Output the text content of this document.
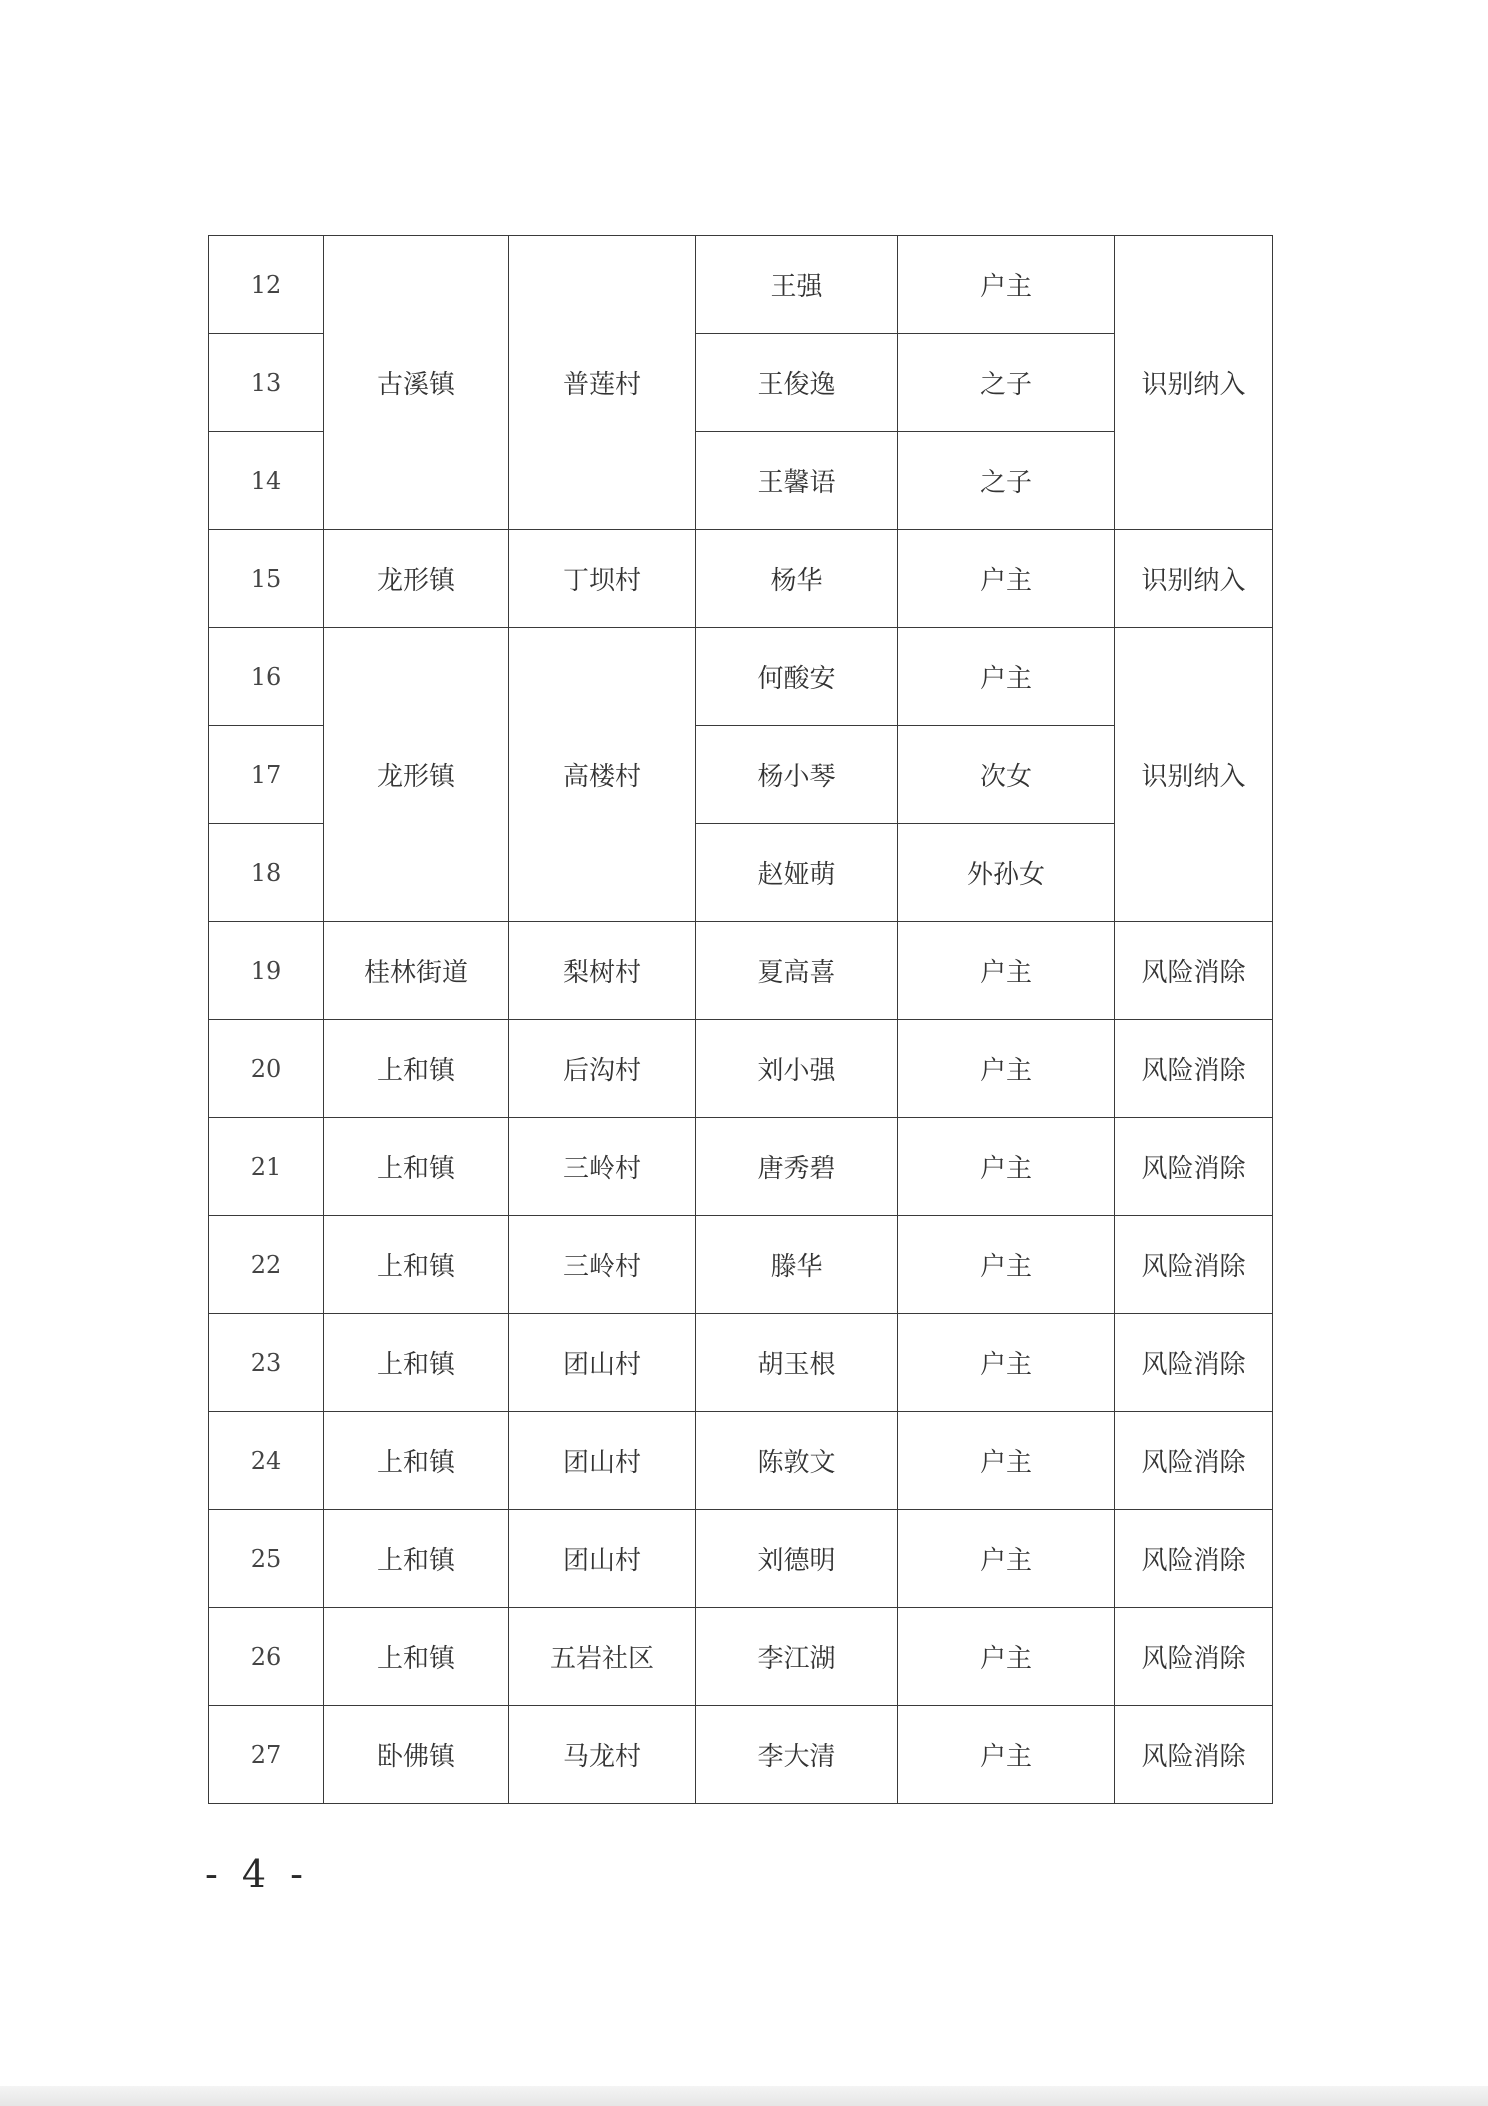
12	古溪镇	普莲村	王强	户主	识别纳入
13			王俊逸	之子	
14			王馨语	之子	
15	龙形镇	丁坝村	杨华	户主	识别纳入
16	龙形镇	高楼村	何酸安	户主	识别纳入
17			杨小琴	次女	
18			赵娅萌	外孙女	
19	桂林街道	梨树村	夏高喜	户主	风险消除
20	上和镇	后沟村	刘小强	户主	风险消除
21	上和镇	三岭村	唐秀碧	户主	风险消除
22	上和镇	三岭村	滕华	户主	风险消除
23	上和镇	团山村	胡玉根	户主	风险消除
24	上和镇	团山村	陈敦文	户主	风险消除
25	上和镇	团山村	刘德明	户主	风险消除
26	上和镇	五岩社区	李江湖	户主	风险消除
27	卧佛镇	马龙村	李大清	户主	风险消除
- 4 -
